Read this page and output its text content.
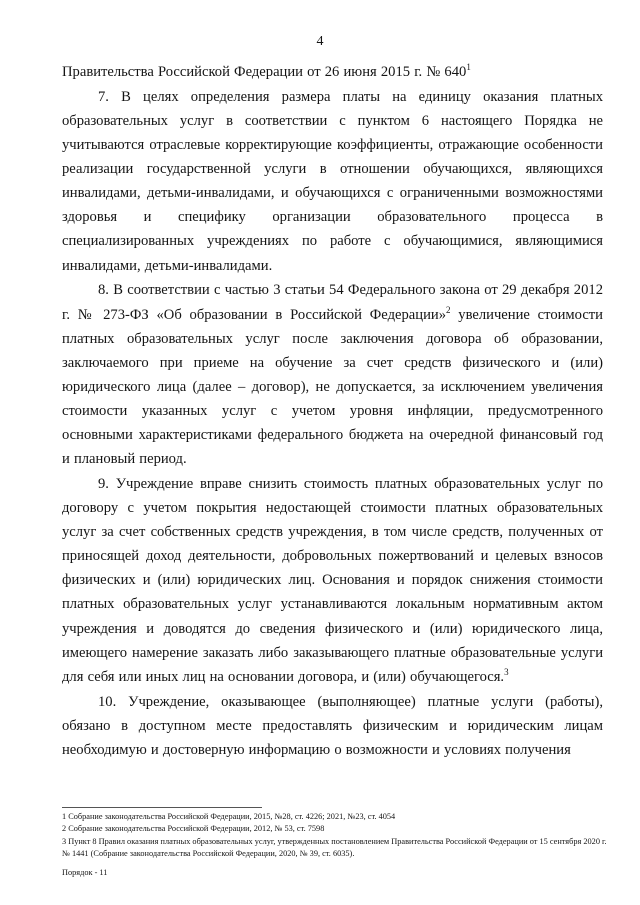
4

Правительства Российской Федерации от 26 июня 2015 г. № $640^1$

7. В целях определения размера платы на единицу оказания платных образовательных услуг в соответствии с пунктом 6 настоящего Порядка не учитываются отраслевые корректирующие коэффициенты, отражающие особенности реализации государственной услуги в отношении обучающихся, являющихся инвалидами, детьми-инвалидами, и обучающихся с ограниченными возможностями здоровья и специфику организации образовательного процесса в специализированных учреждениях по работе с обучающимися, являющимися инвалидами, детьми-инвалидами.

8. В соответствии с частью 3 статьи 54 Федерального закона от 29 декабря 2012 г. № 273-ФЗ «Об образовании в Российской Федерации»$^2$ увеличение стоимости платных образовательных услуг после заключения договора об образовании, заключаемого при приеме на обучение за счет средств физического и (или) юридического лица (далее – договор), не допускается, за исключением увеличения стоимости указанных услуг с учетом уровня инфляции, предусмотренного основными характеристиками федерального бюджета на очередной финансовый год и плановый период.

9. Учреждение вправе снизить стоимость платных образовательных услуг по договору с учетом покрытия недостающей стоимости платных образовательных услуг за счет собственных средств учреждения, в том числе средств, полученных от приносящей доход деятельности, добровольных пожертвований и целевых взносов физических и (или) юридических лиц. Основания и порядок снижения стоимости платных образовательных услуг устанавливаются локальным нормативным актом учреждения и доводятся до сведения физического и (или) юридического лица, имеющего намерение заказать либо заказывающего платные образовательные услуги для себя или иных лиц на основании договора, и (или) обучающегося.$^3$

10. Учреждение, оказывающее (выполняющее) платные услуги (работы), обязано в доступном месте предоставлять физическим и юридическим лицам необходимую и достоверную информацию о возможности и условиях получения

1 Собрание законодательства Российской Федерации, 2015, №28, ст. 4226; 2021, №23, ст. 4054

2 Собрание законодательства Российской Федерации, 2012, № 53, ст. 7598

3 Пункт 8 Правил оказания платных образовательных услуг, утвержденных постановлением Правительства Российской Федерации от 15 сентября 2020 г. № 1441 (Собрание законодательства Российской Федерации, 2020, № 39, ст. 6035).

Порядок - 11
